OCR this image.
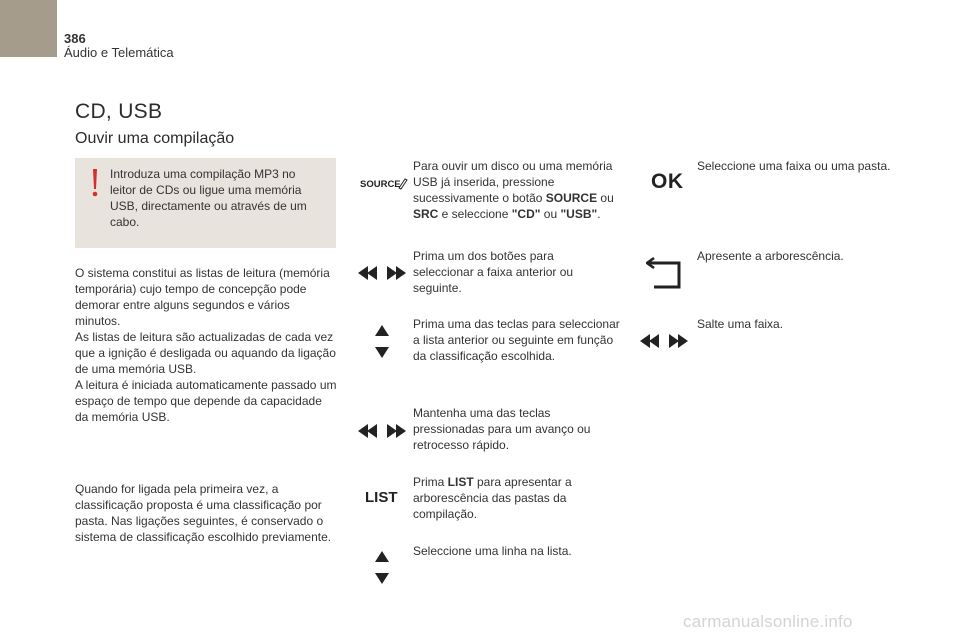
386
Áudio e Telemática
CD, USB
Ouvir uma compilação
Introduza uma compilação MP3 no leitor de CDs ou ligue uma memória USB, directamente ou através de um cabo.
O sistema constitui as listas de leitura (memória temporária) cujo tempo de concepção pode demorar entre alguns segundos e vários minutos.
As listas de leitura são actualizadas de cada vez que a ignição é desligada ou aquando da ligação de uma memória USB.
A leitura é iniciada automaticamente passado um espaço de tempo que depende da capacidade da memória USB.
Quando for ligada pela primeira vez, a classificação proposta é uma classificação por pasta. Nas ligações seguintes, é conservado o sistema de classificação escolhido previamente.
SOURCE
LIST
Para ouvir um disco ou uma memória USB já inserida, pressione sucessivamente o botão SOURCE ou SRC e seleccione "CD" ou "USB".
Prima um dos botões para seleccionar a faixa anterior ou seguinte.
Prima uma das teclas para seleccionar a lista anterior ou seguinte em função da classificação escolhida.
Mantenha uma das teclas pressionadas para um avanço ou retrocesso rápido.
Prima LIST para apresentar a arborescência das pastas da compilação.
Seleccione uma linha na lista.
OK
Seleccione uma faixa ou uma pasta.
Apresente a arborescência.
Salte uma faixa.
carmanualsonline.info
